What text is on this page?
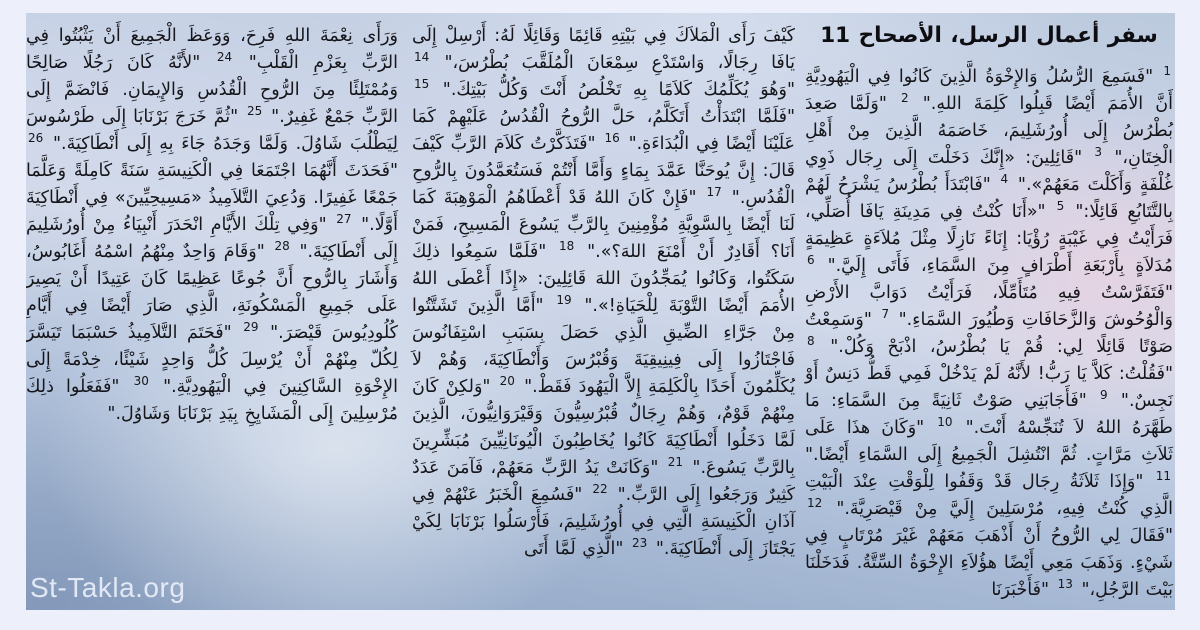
سفر أعمال الرسل، الأصحاح 11
$^1$ "فَسَمِعَ الرُّسُلُ وَالإِخْوَةُ الَّذِينَ كَانُوا فِي الْيَهُودِيَّةِ أَنَّ الأُمَمَ أَيْضًا قَبِلُوا كَلِمَةَ اللهِ." $^2$ "وَلَمَّا صَعِدَ بُطْرُسُ إِلَى أُورُشَلِيمَ، خَاصَمَهُ الَّذِينَ مِنْ أَهْلِ الْخِتَانِ،" $^3$ "قَائِلِينَ: «إِنَّكَ دَخَلْتَ إِلَى رِجَال ذَوِي غُلْفَةٍ وَأَكَلْتَ مَعَهُمْ»." $^4$ "فَابْتَدَأَ بُطْرُسُ يَشْرَحُ لَهُمْ بِالتَّتَابُعِ قَائِلًا:" $^5$ "«أَنَا كُنْتُ فِي مَدِينَةِ يَافَا أُصَلِّي، فَرَأَيْتُ فِي غَيْبَةٍ رُؤْيَا: إِنَاءً نَازِلًا مِثْلَ مُلاَءَةٍ عَظِيمَةٍ مُدَلاَةٍ بِأَرْبَعَةِ أَطْرَافٍ مِنَ السَّمَاءِ، فَأَتَى إِلَيَّ." $^6$ "فَتَفَرَّسْتُ فِيهِ مُتَأَمِّلًا، فَرَأَيْتُ دَوَابَّ الأَرْضِ وَالْوُحُوشَ وَالزَّحَافَاتِ وَطُيُورَ السَّمَاءِ." $^7$ "وَسَمِعْتُ صَوْتًا قَائِلًا لِي: قُمْ يَا بُطْرُسُ، اذْبَحْ وَكُلْ." $^8$ "فَقُلْتُ: كَلاَّ يَا رَبُّ! لأَنَّهُ لَمْ يَدْخُلْ فَمِي قَطُّ دَنِسٌ أَوْ نَجِسٌ." $^9$ "فَأَجَابَنِي صَوْتٌ ثَانِيَةً مِنَ السَّمَاءِ: مَا طَهَّرَهُ اللهُ لاَ تُنَجِّسْهُ أَنْتَ." $^{10}$ "وَكَانَ هذَا عَلَى ثَلاَثِ مَرَّاتٍ. ثُمَّ انْتُشِلَ الْجَمِيعُ إِلَى السَّمَاءِ أَيْضًا." $^{11}$ "وَإِذَا ثَلاَثَةُ رِجَال قَدْ وَقَفُوا لِلْوَقْتِ عِنْدَ الْبَيْتِ الَّذِي كُنْتُ فِيهِ، مُرْسَلِينَ إِلَيَّ مِنْ قَيْصَرِيَّةَ." $^{12}$ "فَقَالَ لِي الرُّوحُ أَنْ أَذْهَبَ مَعَهُمْ غَيْرَ مُرْتَابٍ فِي شَيْءٍ. وَذَهَبَ مَعِي أَيْضًا هؤُلاَءِ الإِخْوَةُ السِّتَّةُ. فَدَخَلْنَا بَيْتَ الرَّجُلِ،" $^{13}$ "فَأَخْبَرَنَا
كَيْفَ رَأَى الْمَلاَكَ فِي بَيْتِهِ قَائِمًا وَقَائِلًا لَهُ: أَرْسِلْ إِلَى يَافَا رِجَالًا، وَاسْتَدْعِ سِمْعَانَ الْمُلَقَّبَ بُطْرُسَ،" $^{14}$ "وَهُوَ يُكَلِّمُكَ كَلاَمًا بِهِ تَخْلُصُ أَنْتَ وَكُلُّ بَيْتِكَ." $^{15}$ "فَلَمَّا ابْتَدَأْتُ أَتَكَلَّمُ، حَلَّ الرُّوحُ الْقُدُسُ عَلَيْهِمْ كَمَا عَلَيْنَا أَيْضًا فِي الْبُدَاءَةِ." $^{16}$ "فَتَذَكَّرْتُ كَلاَمَ الرَّبِّ كَيْفَ قَالَ: إِنَّ يُوحَنَّا عَمَّدَ بِمَاءٍ وَأَمَّا أَنْتُمْ فَسَتُعَمَّدُونَ بِالرُّوحِ الْقُدُسِ." $^{17}$ "فَإِنْ كَانَ اللهُ قَدْ أَعْطَاهُمُ الْمَوْهِبَةَ كَمَا لَنَا أَيْضًا بِالسَّوِيَّةِ مُؤْمِنِينَ بِالرَّبِّ يَسُوعَ الْمَسِيحِ، فَمَنْ أَنَا؟ أَقَادِرٌ أَنْ أَمْنَعَ اللهَ؟»." $^{18}$ "فَلَمَّا سَمِعُوا ذلِكَ سَكَتُوا، وَكَانُوا يُمَجِّدُونَ اللهَ قَائِلِينَ: «إِذًا أَعْطَى اللهُ الأُمَمَ أَيْضًا التَّوْبَةَ لِلْحَيَاةِ!»." $^{19}$ "أَمَّا الَّذِينَ تَشَتَّتُوا مِنْ جَرَّاءِ الضِّيقِ الَّذِي حَصَلَ بِسَبَبِ اسْتِفَانُوسَ فَاجْتَازُوا إِلَى فِينِيقِيَةَ وَقُبْرُسَ وَأَنْطَاكِيَةَ، وَهُمْ لاَ يُكَلِّمُونَ أَحَدًا بِالْكَلِمَةِ إِلاَّ الْيَهُودَ فَقَطْ." $^{20}$ "وَلكِنْ كَانَ مِنْهُمْ قَوْمٌ، وَهُمْ رِجَالٌ قُبْرُسِيُّونَ وَقَيْرَوَانِيُّونَ، الَّذِينَ لَمَّا دَخَلُوا أَنْطَاكِيَةَ كَانُوا يُخَاطِبُونَ الْيُونَانِيِّينَ مُبَشِّرِينَ بِالرَّبِّ يَسُوعَ." $^{21}$ "وَكَانَتْ يَدُ الرَّبِّ مَعَهُمْ، فَآمَنَ عَدَدٌ كَثِيرٌ وَرَجَعُوا إِلَى الرَّبِّ." $^{22}$ "فَسُمِعَ الْخَبَرُ عَنْهُمْ فِي آذَانِ الْكَنِيسَةِ الَّتِي فِي أُورُشَلِيمَ، فَأَرْسَلُوا بَرْنَابَا لِكَيْ يَجْتَازَ إِلَى أَنْطَاكِيَةَ." $^{23}$ "الَّذِي لَمَّا أَتَى
وَرَأَى نِعْمَةَ اللهِ فَرِحَ، وَوَعَظَ الْجَمِيعَ أَنْ يَثْبُتُوا فِي الرَّبِّ بِعَزْمِ الْقَلْبِ" $^{24}$ "لأَنَّهُ كَانَ رَجُلًا صَالِحًا وَمُمْتَلِئًا مِنَ الرُّوحِ الْقُدُسِ وَالإِيمَانِ. فَانْضَمَّ إِلَى الرَّبِّ جَمْعٌ غَفِيرٌ." $^{25}$ "ثُمَّ خَرَجَ بَرْنَابَا إِلَى طَرْسُوسَ لِيَطْلُبَ شَاوُلَ. وَلَمَّا وَجَدَهُ جَاءَ بِهِ إِلَى أَنْطَاكِيَةَ." $^{26}$ "فَحَدَثَ أَنَّهُمَا اجْتَمَعَا فِي الْكَنِيسَةِ سَنَةً كَامِلَةً وَعَلَّمَا جَمْعًا غَفِيرًا. وَدُعِيَ التَّلاَمِيذُ «مَسِيحِيِّينَ» فِي أَنْطَاكِيَةَ أَوَّلًا." $^{27}$ "وَفِي تِلْكَ الأَيَّامِ انْحَدَرَ أَنْبِيَاءُ مِنْ أُورُشَلِيمَ إِلَى أَنْطَاكِيَةَ." $^{28}$ "وَقَامَ وَاحِدٌ مِنْهُمُ اسْمُهُ أَغَابُوسُ، وَأَشَارَ بِالرُّوحِ أَنَّ جُوعًا عَظِيمًا كَانَ عَتِيدًا أَنْ يَصِيرَ عَلَى جَمِيعِ الْمَسْكُونَةِ، الَّذِي صَارَ أَيْضًا فِي أَيَّامِ كُلُودِيُوسَ قَيْصَرَ." $^{29}$ "فَحَتَمَ التَّلاَمِيذُ حَسْبَمَا تَيَسَّرَ لِكُلّ مِنْهُمْ أَنْ يُرْسِلَ كُلُّ وَاحِدٍ شَيْئًا، خِدْمَةً إِلَى الإِخْوَةِ السَّاكِنِينَ فِي الْيَهُودِيَّةِ." $^{30}$ "فَفَعَلُوا ذلِكَ مُرْسِلِينَ إِلَى الْمَشَايِخِ بِيَدِ بَرْنَابَا وَشَاوُلَ."
St-Takla.org
